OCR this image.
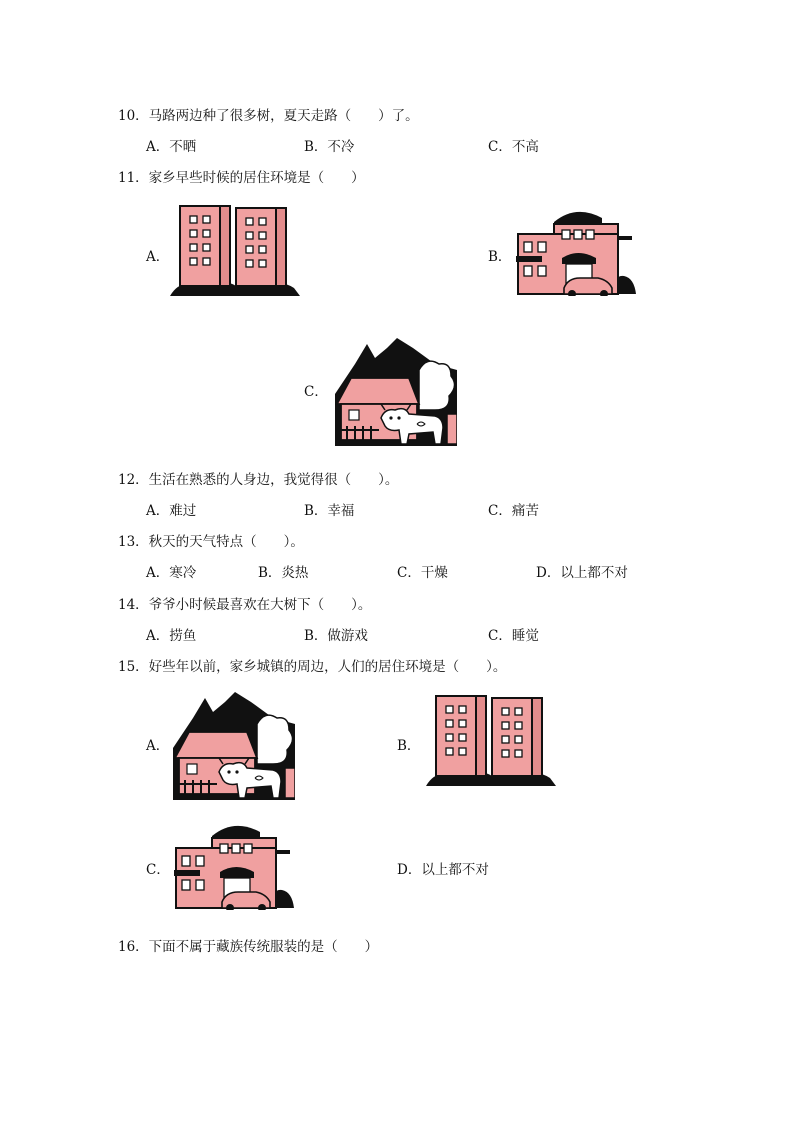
10．马路两边种了很多树，夏天走路（　　）了。
A．不晒	B．不冷	C．不高
11．家乡早些时候的居住环境是（　　）
A．	B．
C．
12．生活在熟悉的人身边，我觉得很（　　）。
A．难过	B．幸福	C．痛苦
13．秋天的天气特点（　　）。
A．寒冷	B．炎热	C．干燥	D．以上都不对
14．爷爷小时候最喜欢在大树下（　　）。
A．捞鱼	B．做游戏	C．睡觉
15．好些年以前，家乡城镇的周边，人们的居住环境是（　　）。
A．	B．
C．	D．以上都不对
16．下面不属于藏族传统服装的是（　　）
